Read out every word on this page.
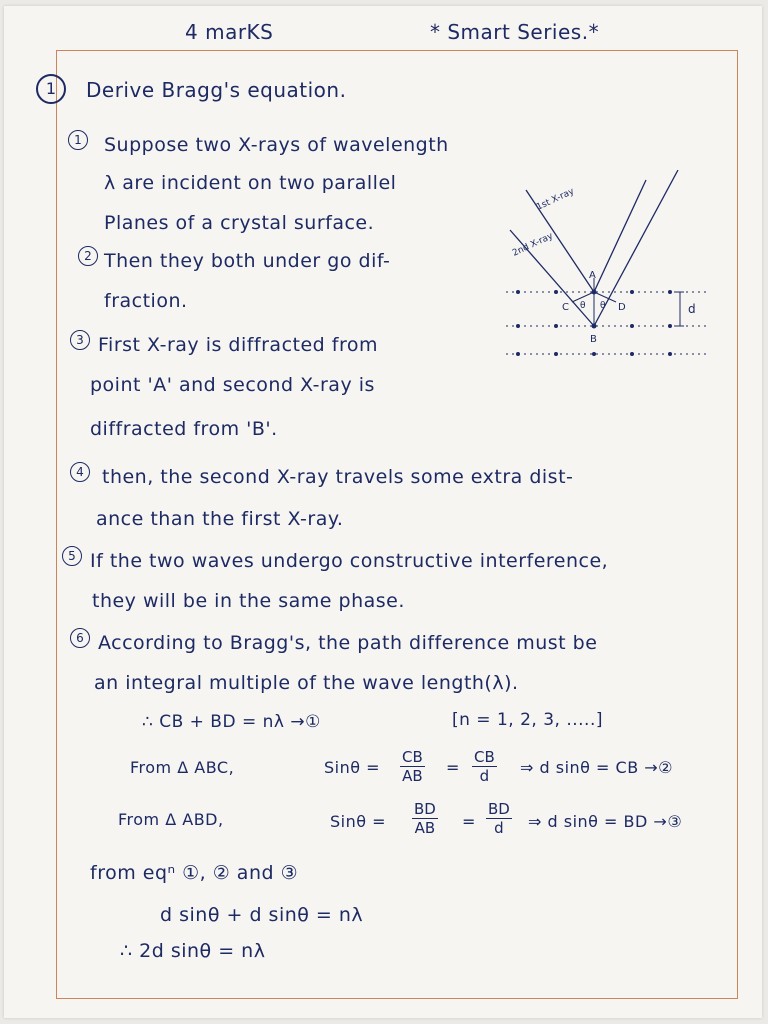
4 marKS	* Smart Series.*
1	Derive Bragg's equation.
1	Suppose two X-rays of wavelength
λ are incident on two parallel
Planes of a crystal surface.
2 Then they both under go dif-
fraction.
3 First X-ray is diffracted from
point 'A' and second X-ray is
diffracted from 'B'.
4 then, the second X-ray travels some extra dist-
ance than the first X-ray.
5 If the two waves undergo constructive interference,
they will be in the same phase.
6 According to Bragg's, the path difference must be
an integral multiple of the wave length(λ).
∴ CB + BD = nλ →①	[n = 1, 2, 3, .....]
From Δ ABC,	$Sin\theta = \frac{CB}{AB} = \frac{CB}{d}$ ⇒ d sinθ = CB →②
From Δ ABD,	$Sin\theta = \frac{BD}{AB} = \frac{BD}{d}$ ⇒ d sinθ = BD →③
from eqⁿ ①, ② and ③
d sinθ + d sinθ = nλ
∴ 2d sinθ = nλ
1st X-ray
2nd X-ray
A
B
C	D
θ θ	d
